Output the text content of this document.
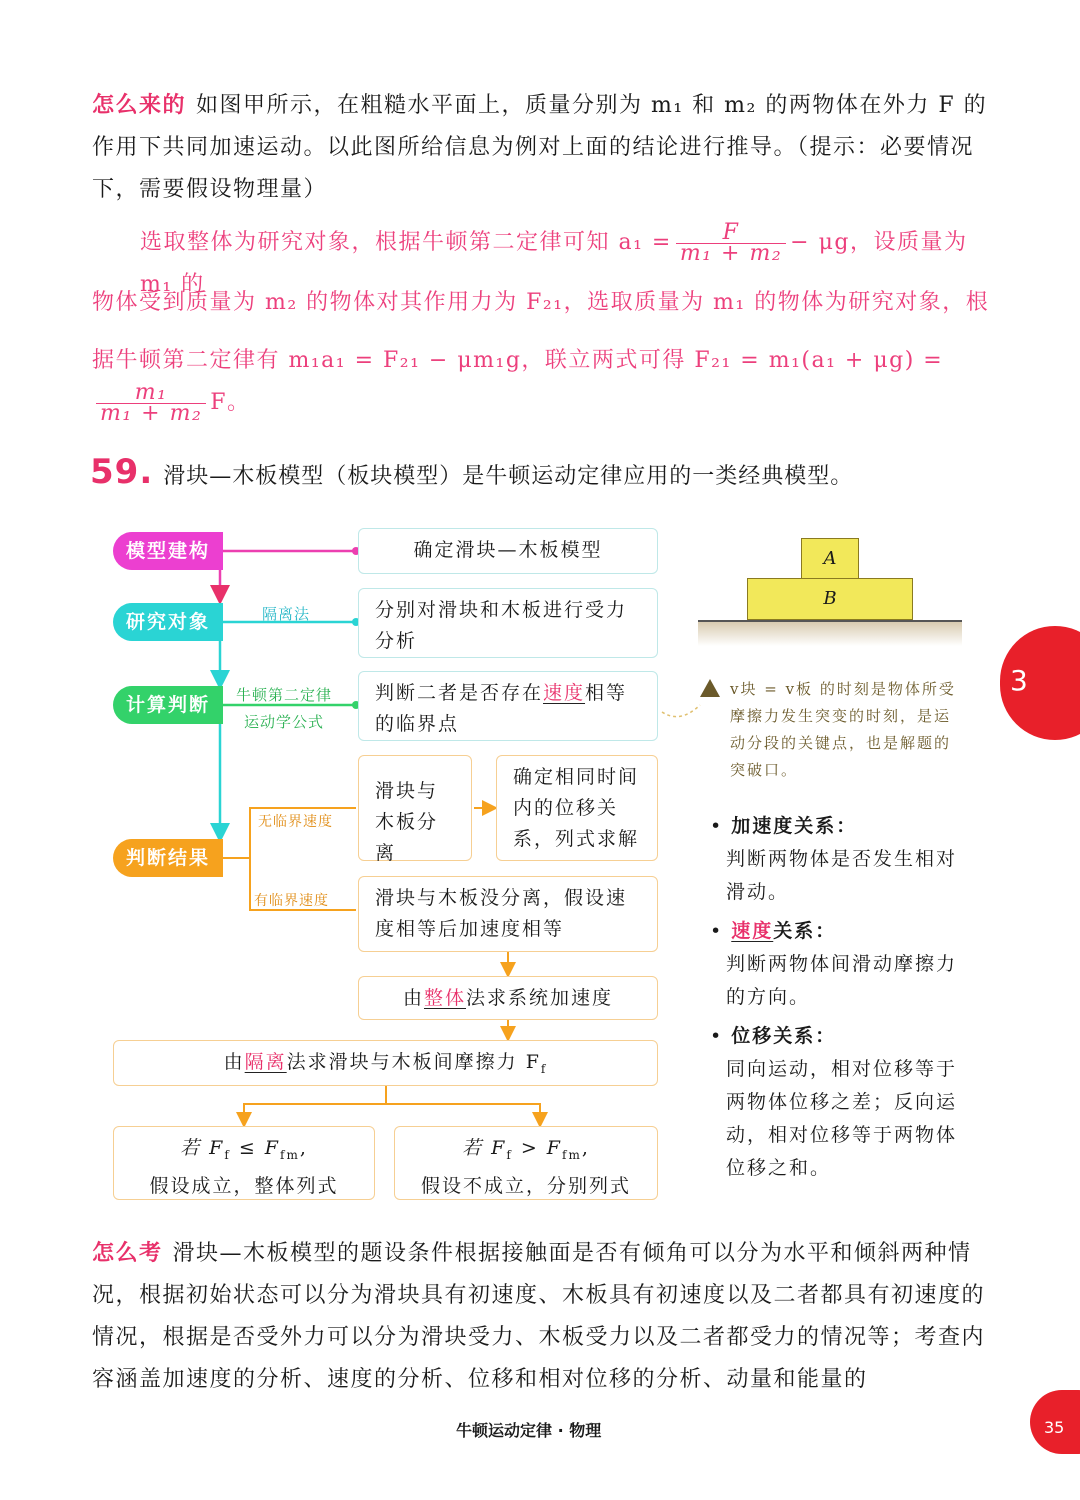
怎么来的 如图甲所示，在粗糙水平面上，质量分别为 m₁ 和 m₂ 的两物体在外力 F 的作用下共同加速运动。以此图所给信息为例对上面的结论进行推导。（提示：必要情况下，需要假设物理量）
选取整体为研究对象，根据牛顿第二定律可知 $a_1 = \frac{F}{\text{m₁ + m₂}} - \mu g$，设质量为 m₁ 的
物体受到质量为 m₂ 的物体对其作用力为 F₂₁，选取质量为 m₁ 的物体为研究对象，根
据牛顿第二定律有 m₁a₁ = F₂₁ − μm₁g，联立两式可得 F₂₁ = m₁(a₁ + μg) =
$\frac{\text{m₁}}{\text{m₁ + m₂}}$ F。
59. 滑块—木板模型（板块模型）是牛顿运动定律应用的一类经典模型。
模型建构
研究对象
计算判断
判断结果
隔离法
牛顿第二定律
运动学公式
无临界速度
有临界速度
确定滑块—木板模型
分别对滑块和木板进行受力分析
判断二者是否存在速度相等的临界点
滑块与木板分离
确定相同时间内的位移关系，列式求解
滑块与木板没分离，假设速度相等后加速度相等
由整体法求系统加速度
由隔离法求滑块与木板间摩擦力 $F_f$
若 $F_f \le F_{fm}$,
假设成立，整体列式
若 $F_f > F_{fm}$,
假设不成立，分别列式
A
B
v块 = v板 的时刻是物体所受摩擦力发生突变的时刻，是运动分段的关键点，也是解题的突破口。
3
• 加速度关系：
判断两物体是否发生相对滑动。
• 速度关系：
判断两物体间滑动摩擦力的方向。
• 位移关系：
同向运动，相对位移等于两物体位移之差；反向运动，相对位移等于两物体位移之和。
怎么考 滑块—木板模型的题设条件根据接触面是否有倾角可以分为水平和倾斜两种情况，根据初始状态可以分为滑块具有初速度、木板具有初速度以及二者都具有初速度的情况，根据是否受外力可以分为滑块受力、木板受力以及二者都受力的情况等；考查内容涵盖加速度的分析、速度的分析、位移和相对位移的分析、动量和能量的
牛顿运动定律 · 物理	35
